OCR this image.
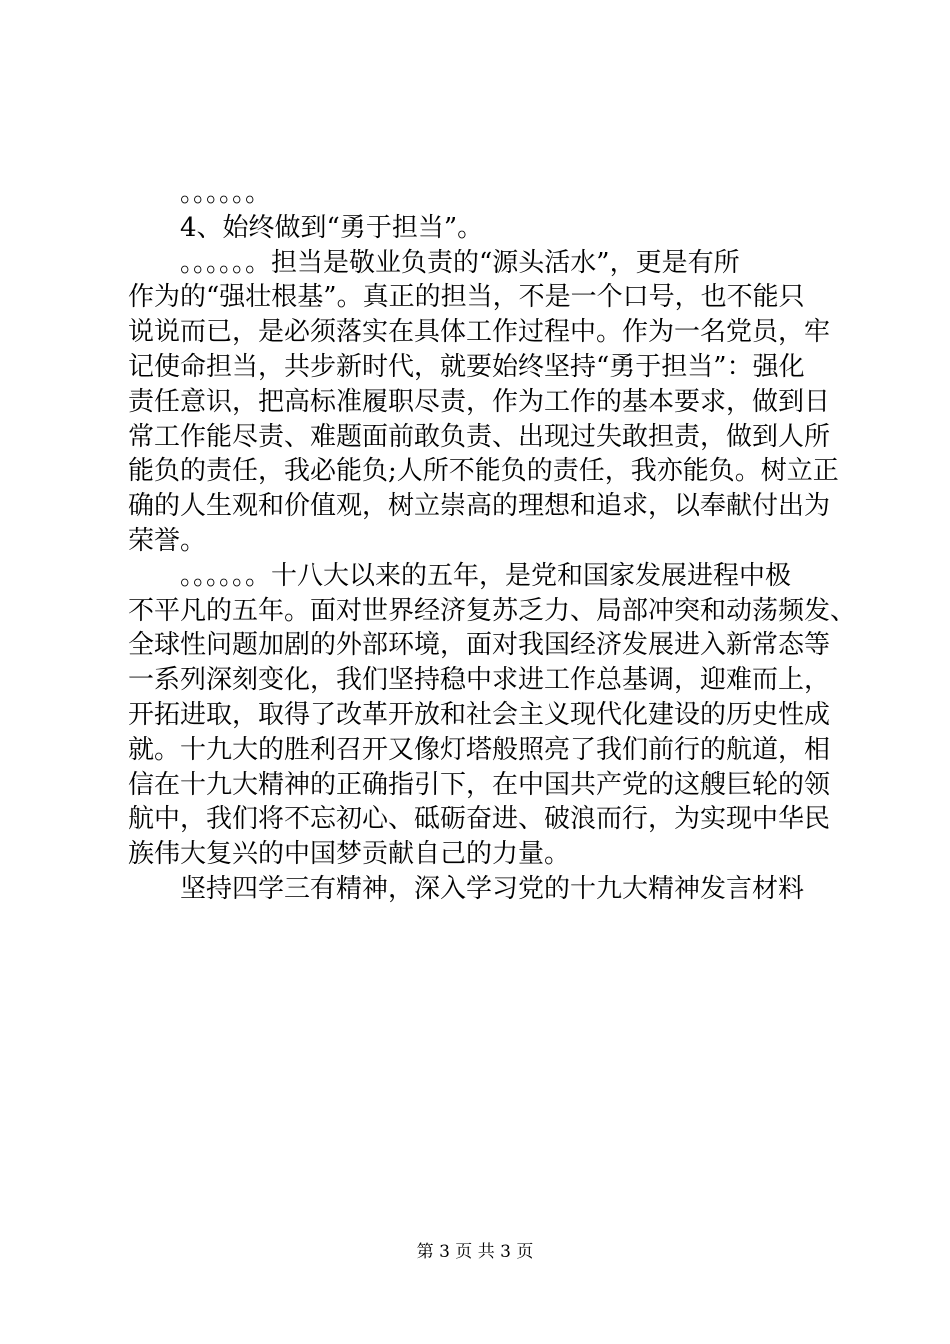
。。。。。。
4、始终做到“勇于担当”。
。。。。。。担当是敬业负责的“源头活水”，更是有所
作为的“强壮根基”。真正的担当，不是一个口号，也不能只
说说而已，是必须落实在具体工作过程中。作为一名党员，牢
记使命担当，共步新时代，就要始终坚持“勇于担当”：强化
责任意识，把高标准履职尽责，作为工作的基本要求，做到日
常工作能尽责、难题面前敢负责、出现过失敢担责，做到人所
能负的责任，我必能负;人所不能负的责任，我亦能负。树立正
确的人生观和价值观，树立崇高的理想和追求，以奉献付出为
荣誉。
。。。。。。十八大以来的五年，是党和国家发展进程中极
不平凡的五年。面对世界经济复苏乏力、局部冲突和动荡频发、
全球性问题加剧的外部环境，面对我国经济发展进入新常态等
一系列深刻变化，我们坚持稳中求进工作总基调，迎难而上，
开拓进取，取得了改革开放和社会主义现代化建设的历史性成
就。十九大的胜利召开又像灯塔般照亮了我们前行的航道，相
信在十九大精神的正确指引下，在中国共产党的这艘巨轮的领
航中，我们将不忘初心、砥砺奋进、破浪而行，为实现中华民
族伟大复兴的中国梦贡献自己的力量。
坚持四学三有精神，深入学习党的十九大精神发言材料
第 3 页 共 3 页
